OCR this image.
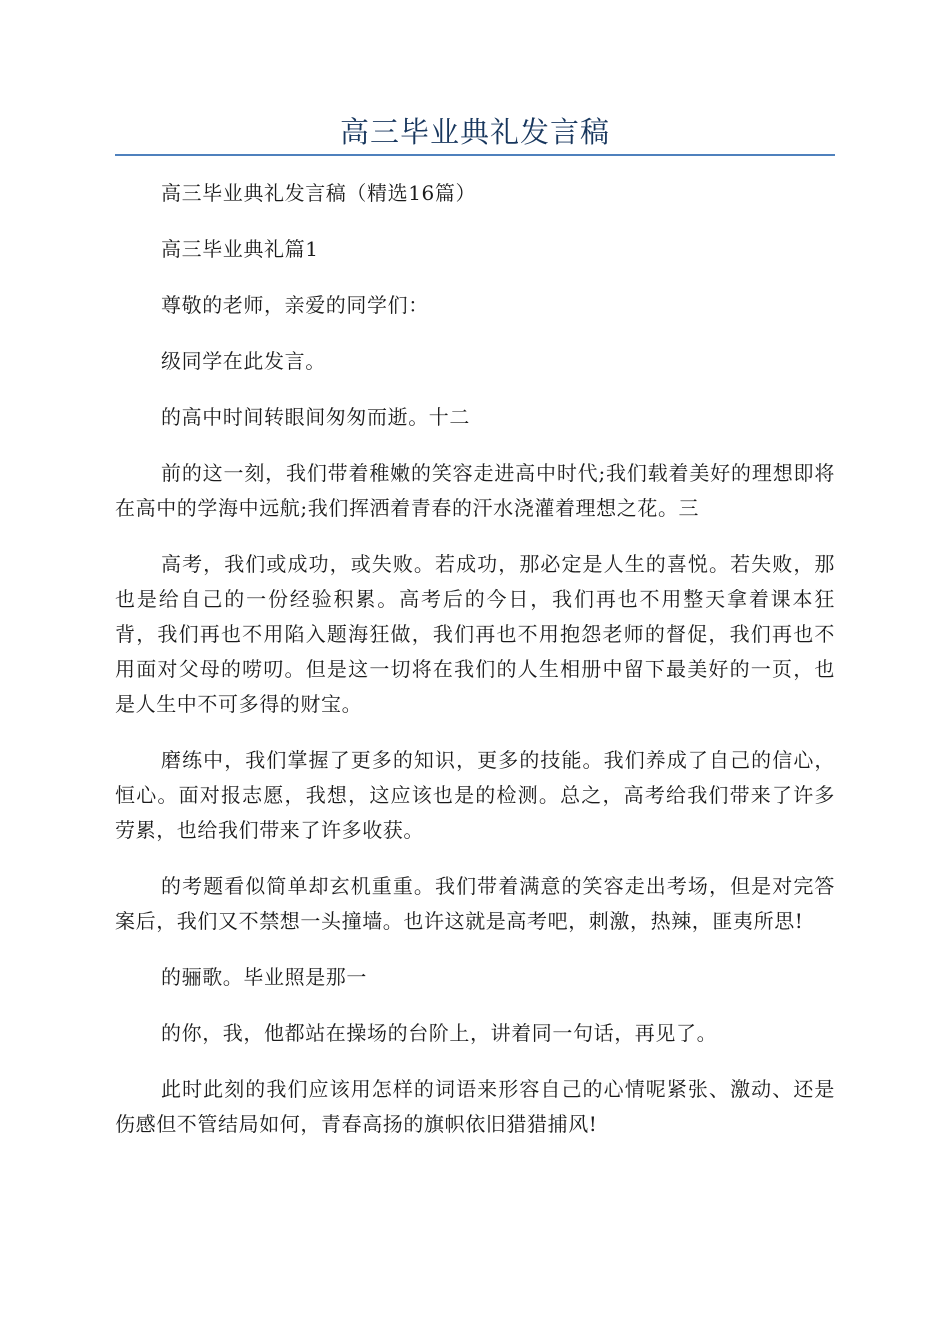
高三毕业典礼发言稿

高三毕业典礼发言稿（精选16篇）

高三毕业典礼篇1

尊敬的老师，亲爱的同学们：

级同学在此发言。

的高中时间转眼间匆匆而逝。十二

前的这一刻，我们带着稚嫩的笑容走进高中时代;我们载着美好的理想即将在高中的学海中远航;我们挥洒着青春的汗水浇灌着理想之花。三

高考，我们或成功，或失败。若成功，那必定是人生的喜悦。若失败，那也是给自己的一份经验积累。高考后的今日，我们再也不用整天拿着课本狂背，我们再也不用陷入题海狂做，我们再也不用抱怨老师的督促，我们再也不用面对父母的唠叨。但是这一切将在我们的人生相册中留下最美好的一页，也是人生中不可多得的财宝。

磨练中，我们掌握了更多的知识，更多的技能。我们养成了自己的信心，恒心。面对报志愿，我想，这应该也是的检测。总之，高考给我们带来了许多劳累，也给我们带来了许多收获。

的考题看似简单却玄机重重。我们带着满意的笑容走出考场，但是对完答案后，我们又不禁想一头撞墙。也许这就是高考吧，刺激，热辣，匪夷所思!

的骊歌。毕业照是那一

的你，我，他都站在操场的台阶上，讲着同一句话，再见了。

此时此刻的我们应该用怎样的词语来形容自己的心情呢紧张、激动、还是伤感但不管结局如何，青春高扬的旗帜依旧猎猎捕风!
